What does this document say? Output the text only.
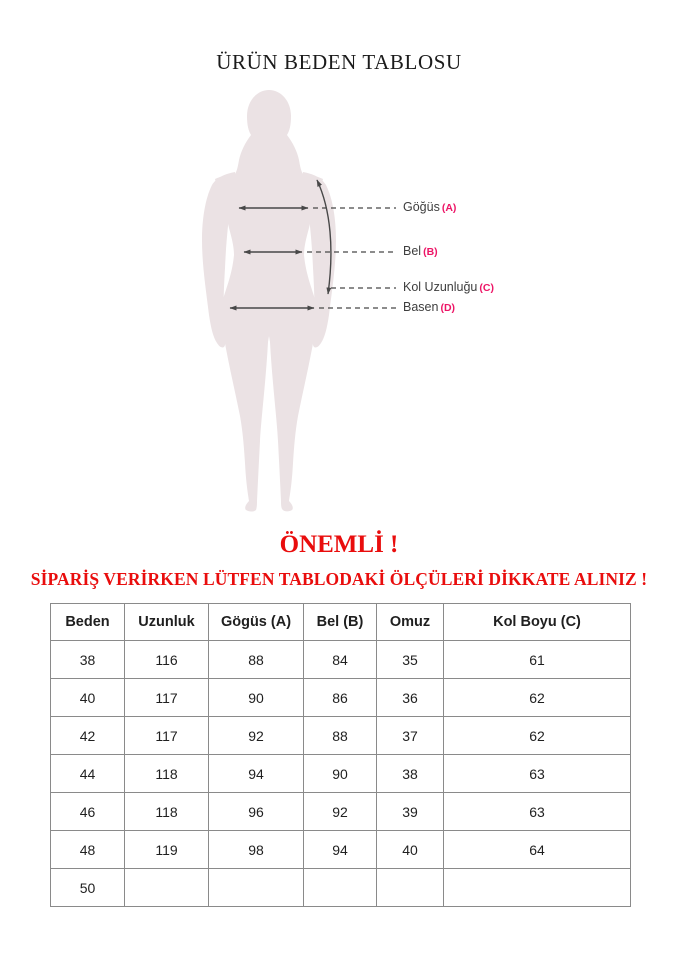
ÜRÜN BEDEN TABLOSU
Göğüs (A)
Bel (B)
Kol Uzunluğu (C)
Basen (D)
ÖNEMLİ !

SİPARİŞ VERİRKEN LÜTFEN TABLODAKİ ÖLÇÜLERİ DİKKATE ALINIZ !

Beden	Uzunluk	Gögüs (A)	Bel (B)	Omuz	Kol Boyu (C)
38	116	88	84	35	61
40	117	90	86	36	62
42	117	92	88	37	62
44	118	94	90	38	63
46	118	96	92	39	63
48	119	98	94	40	64
50					
